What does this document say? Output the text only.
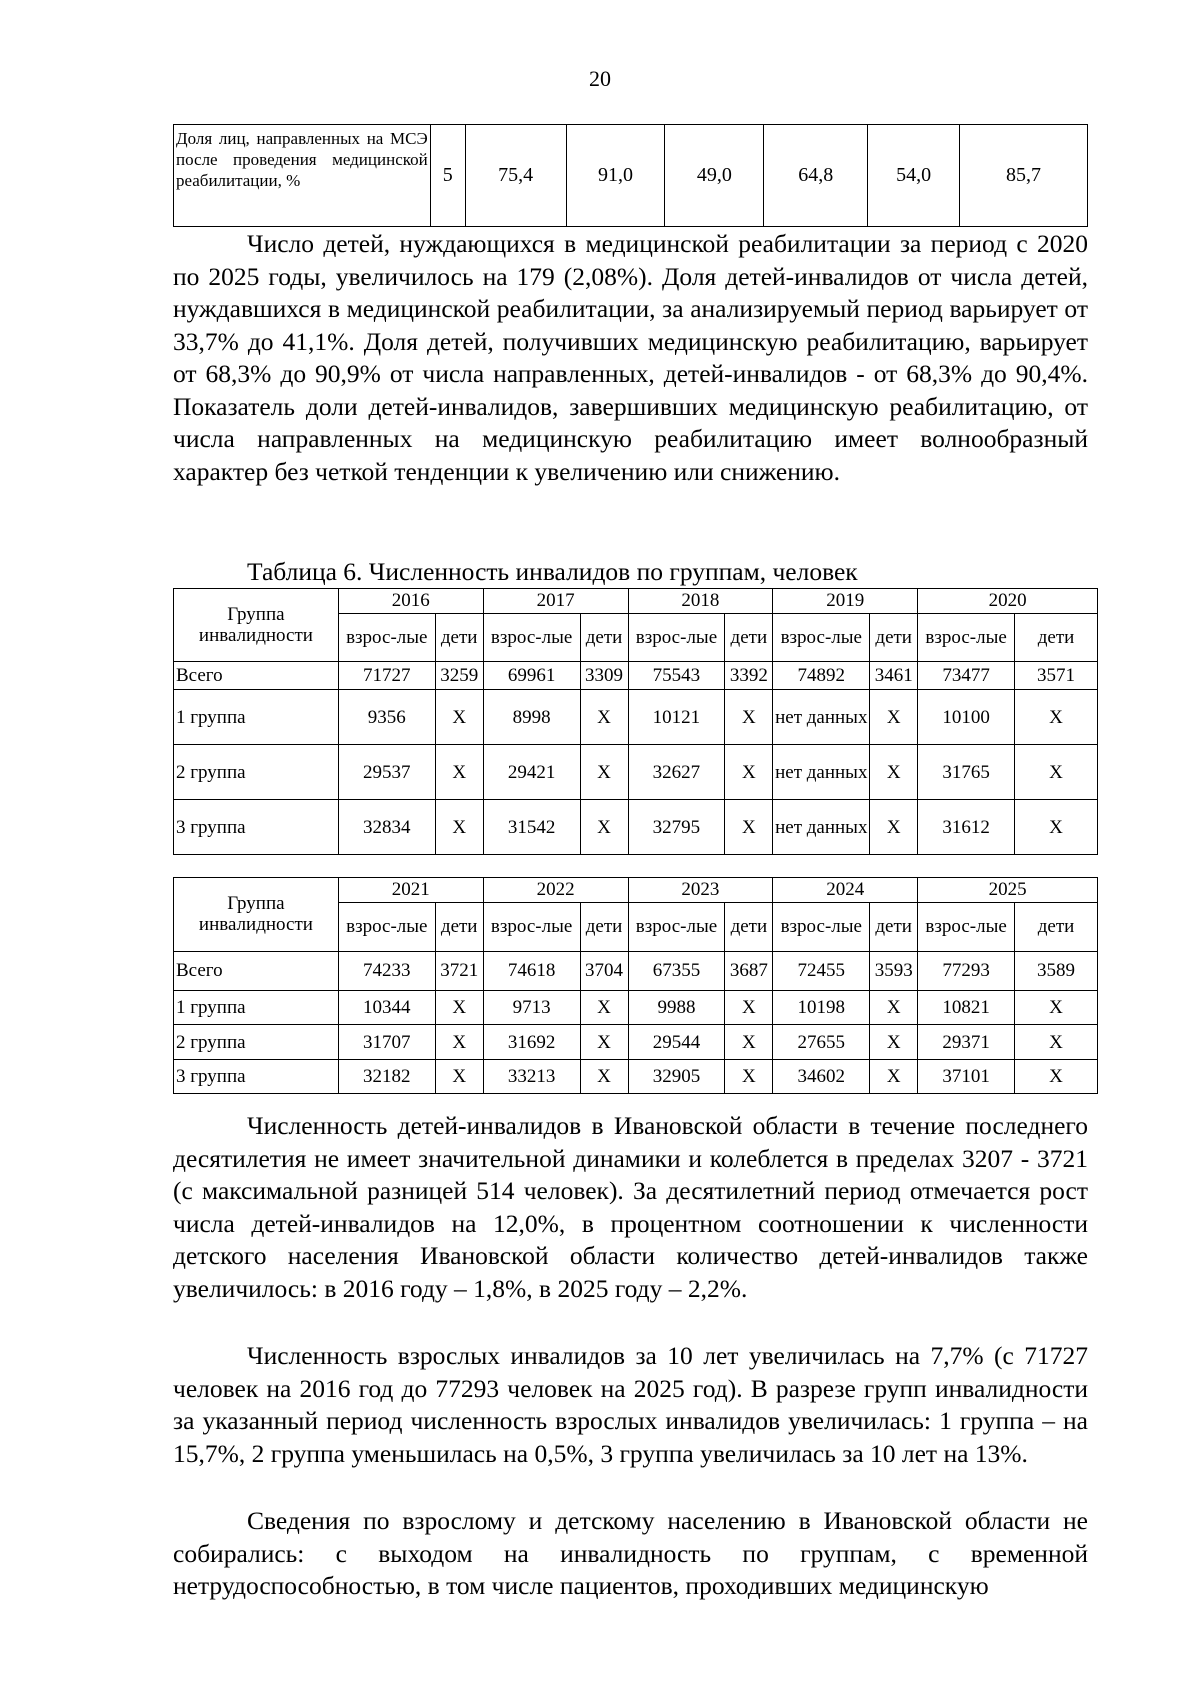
20
Доля лиц, направленных на МСЭ после проведения медицинской реабилитации, %	5	75,4	91,0	49,0	64,8	54,0	85,7

Число детей, нуждающихся в медицинской реабилитации за период с 2020 по 2025 годы, увеличилось на 179 (2,08%). Доля детей-инвалидов от числа детей, нуждавшихся в медицинской реабилитации, за анализируемый период варьирует от 33,7% до 41,1%. Доля детей, получивших медицинскую реабилитацию, варьирует от 68,3% до 90,9% от числа направленных, детей-инвалидов - от 68,3% до 90,4%. Показатель доли детей-инвалидов, завершивших медицинскую реабилитацию, от числа направленных на медицинскую реабилитацию имеет волнообразный характер без четкой тенденции к увеличению или снижению.

Таблица 6. Численность инвалидов по группам, человек

Группа инвалидности	2016		2017		2018		2019		2020	
	взрос-лые	дети	взрос-лые	дети	взрос-лые	дети	взрос-лые	дети	взрос-лые	дети
Всего	71727	3259	69961	3309	75543	3392	74892	3461	73477	3571
1 группа	9356	X	8998	X	10121	X	нет данных	X	10100	X
2 группа	29537	X	29421	X	32627	X	нет данных	X	31765	X
3 группа	32834	X	31542	X	32795	X	нет данных	X	31612	X
Группа инвалидности	2021		2022		2023		2024		2025	
	взрос-лые	дети	взрос-лые	дети	взрос-лые	дети	взрос-лые	дети	взрос-лые	дети
Всего	74233	3721	74618	3704	67355	3687	72455	3593	77293	3589
1 группа	10344	X	9713	X	9988	X	10198	X	10821	X
2 группа	31707	X	31692	X	29544	X	27655	X	29371	X
3 группа	32182	X	33213	X	32905	X	34602	X	37101	X

Численность детей-инвалидов в Ивановской области в течение последнего десятилетия не имеет значительной динамики и колеблется в пределах 3207 - 3721 (с максимальной разницей 514 человек). За десятилетний период отмечается рост числа детей-инвалидов на 12,0%, в процентном соотношении к численности детского населения Ивановской области количество детей-инвалидов также увеличилось: в 2016 году – 1,8%, в 2025 году – 2,2%.

Численность взрослых инвалидов за 10 лет увеличилась на 7,7% (с 71727 человек на 2016 год до 77293 человек на 2025 год). В разрезе групп инвалидности за указанный период численность взрослых инвалидов увеличилась: 1 группа – на 15,7%, 2 группа уменьшилась на 0,5%, 3 группа увеличилась за 10 лет на 13%.

Сведения по взрослому и детскому населению в Ивановской области не собирались: с выходом на инвалидность по группам, с временной нетрудоспособностью, в том числе пациентов, проходивших медицинскую
